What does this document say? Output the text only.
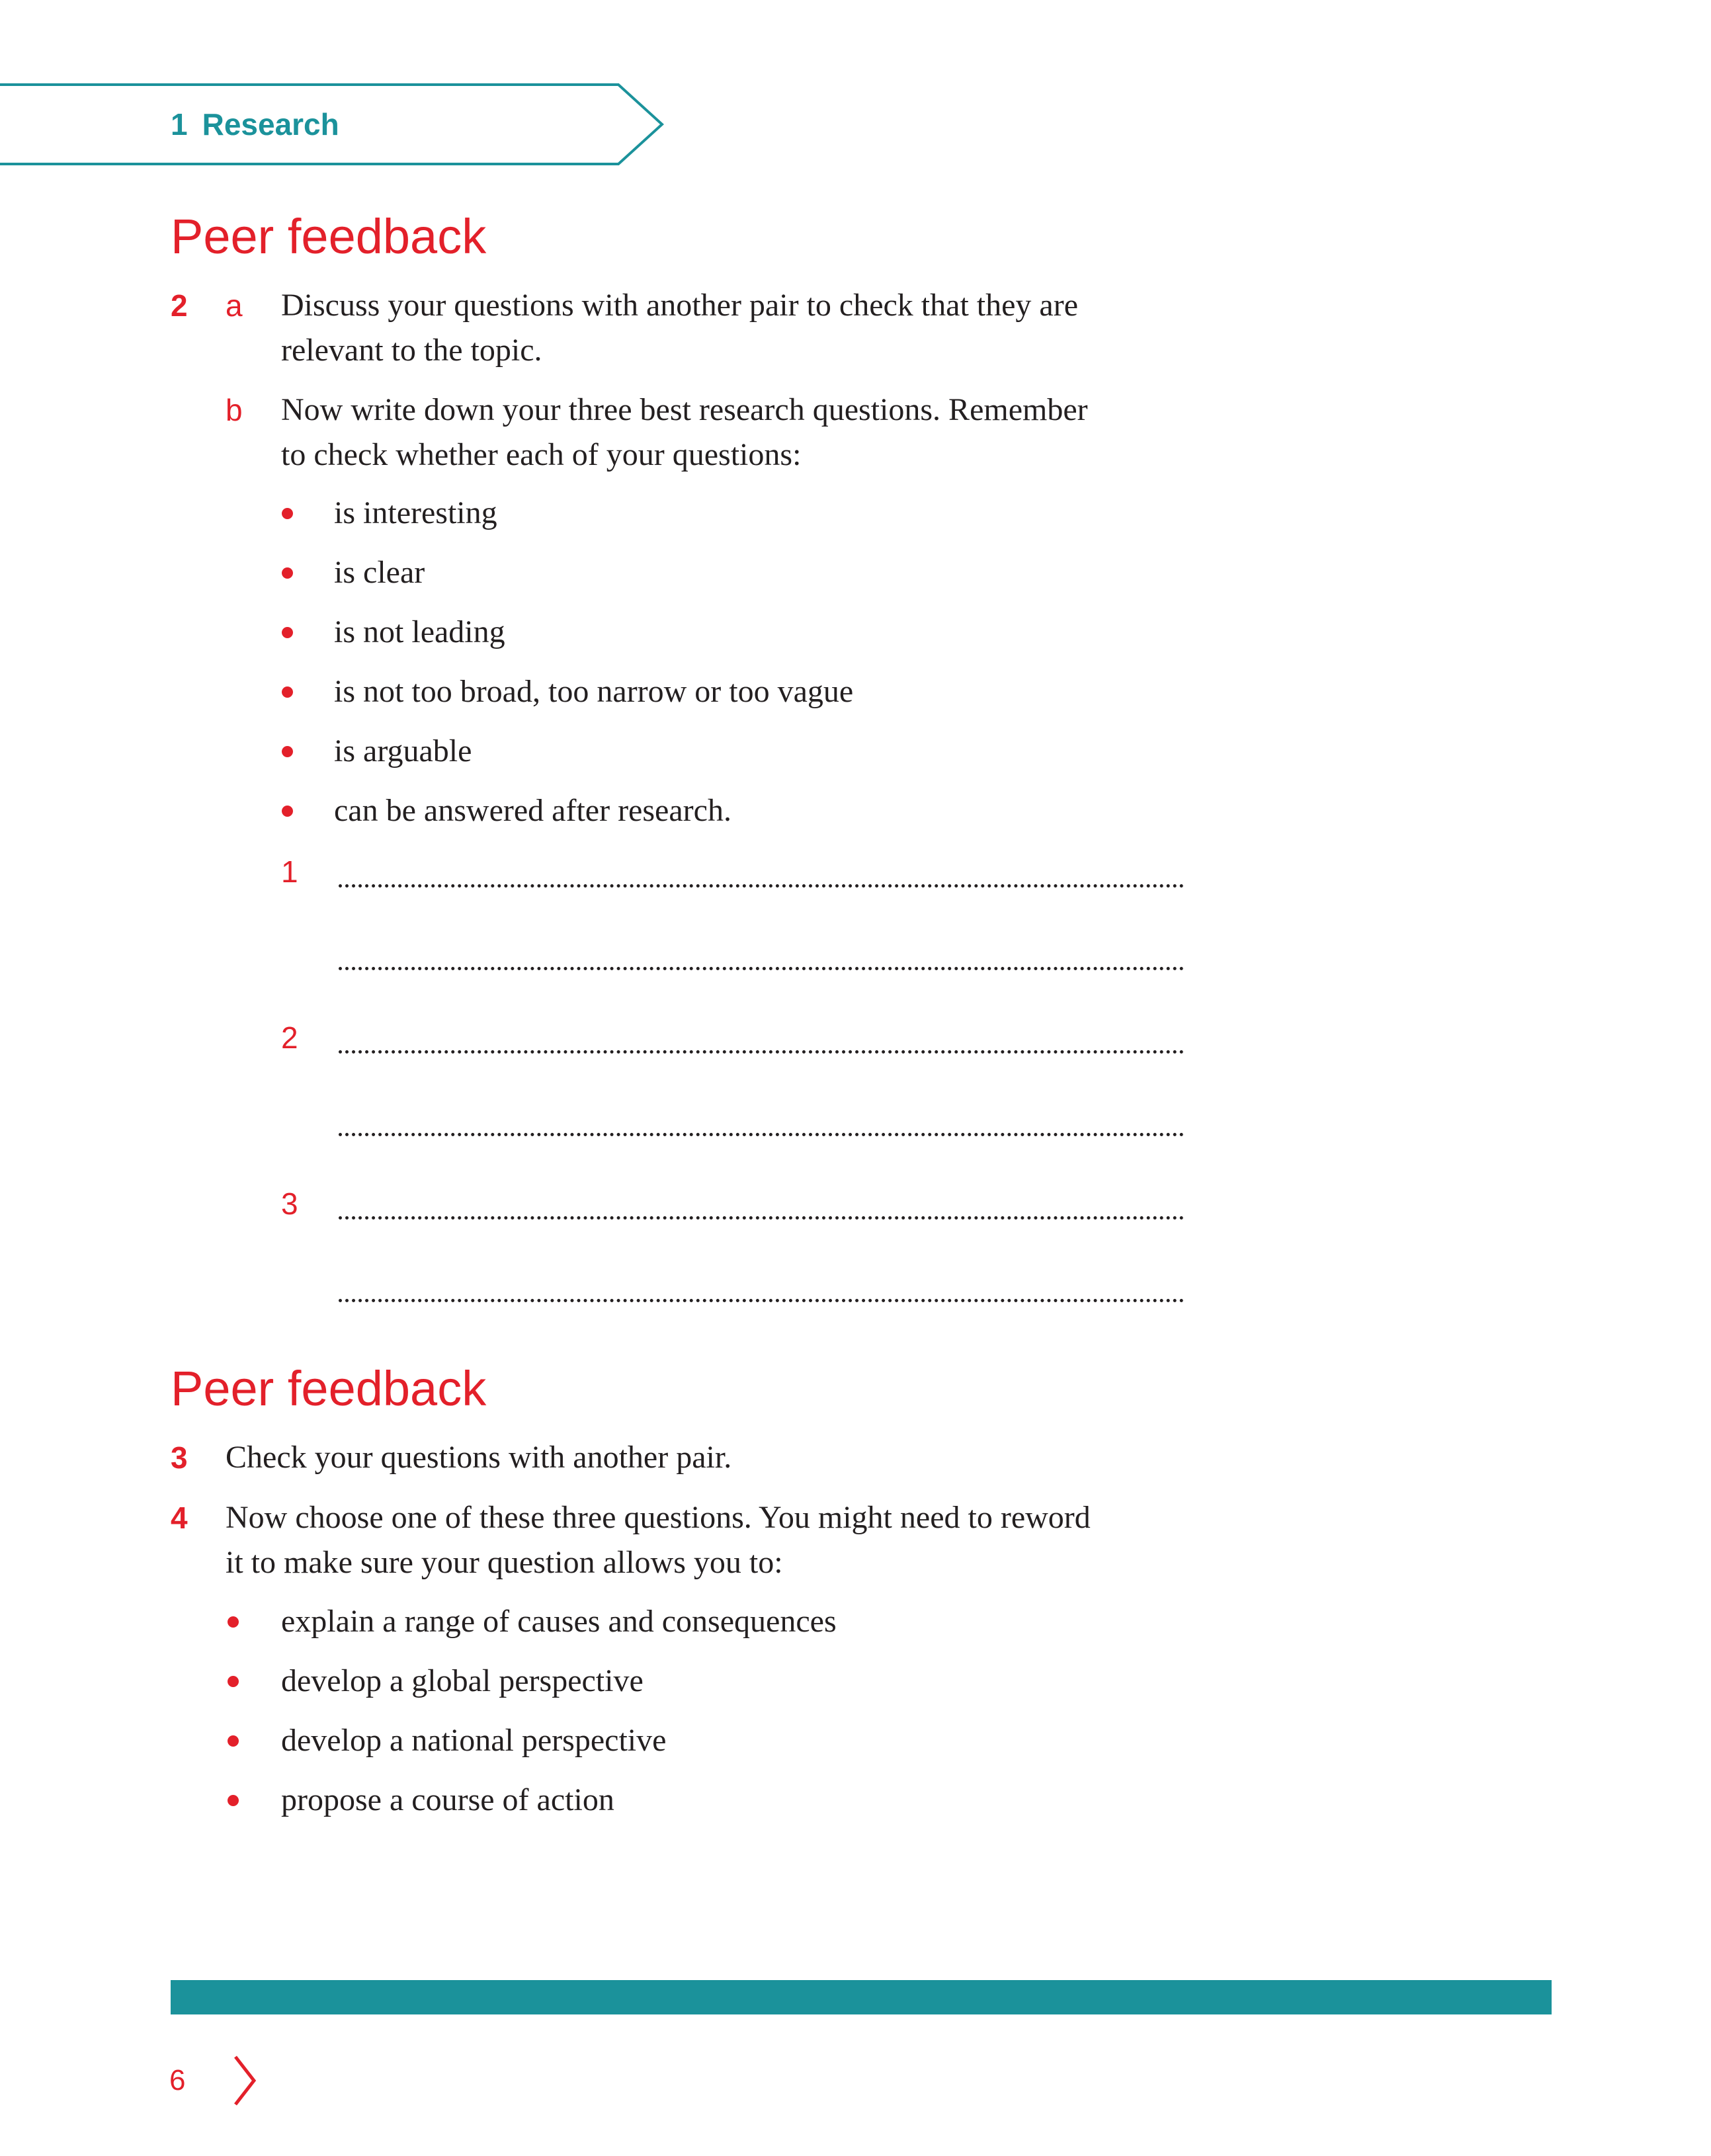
1 Research
Peer feedback
2 a Discuss your questions with another pair to check that they are
relevant to the topic.
b Now write down your three best research questions. Remember
to check whether each of your questions:
is interesting
is clear
is not leading
is not too broad, too narrow or too vague
is arguable
can be answered after research.
1
2
3
Peer feedback
3 Check your questions with another pair.
4 Now choose one of these three questions. You might need to reword
it to make sure your question allows you to:
explain a range of causes and consequences
develop a global perspective
develop a national perspective
propose a course of action
6
